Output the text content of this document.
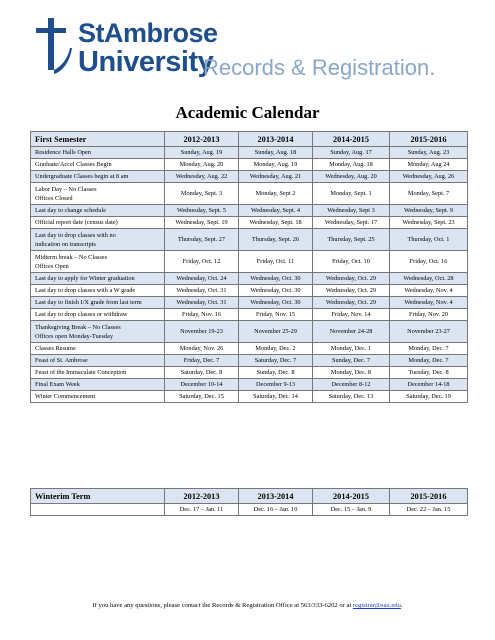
StAmbrose
University
Records & Registration.
Academic Calendar
First Semester	2012-2013	2013-2014	2014-2015	2015-2016
Residence Halls Open	Sunday, Aug. 19	Sunday, Aug. 18	Sunday, Aug. 17	Sunday, Aug. 23
Graduate/Accel Classes Begin	Monday, Aug. 20	Monday, Aug. 19	Monday, Aug. 18	Monday, Aug 24
Undergraduate Classes begin at 8 am	Wednesday, Aug. 22	Wednesday, Aug. 21	Wednesday, Aug. 20	Wednesday, Aug. 26
Labor Day – No Classes
Offices Closed	Monday, Sept. 3	Monday, Sept 2	Monday, Sept. 1	Monday, Sept. 7
Last day to change schedule	Wednesday, Sept. 5	Wednesday, Sept. 4	Wednesday, Sept 3	Wednesday, Sept. 9
Official report date (census date)	Wednesday, Sept. 19	Wednesday, Sept. 18	Wednesday, Sept. 17	Wednesday, Sept. 23
Last day to drop classes with no
indication on transcripts	Thursday, Sept. 27	Thursday, Sept. 26	Thursday, Sept. 25	Thursday, Oct. 1
Midterm break – No Classes
Offices Open	Friday, Oct. 12	Friday, Oct. 11	Friday, Oct. 10	Friday, Oct. 16
Last day to apply for Winter graduation	Wednesday, Oct. 24	Wednesday, Oct. 30	Wednesday, Oct. 29	Wednesday, Oct. 28
Last day to drop classes with a W grade	Wednesday, Oct. 31	Wednesday, Oct. 30	Wednesday, Oct. 29	Wednesday, Nov. 4
Last day to finish I/X grade from last term	Wednesday, Oct. 31	Wednesday, Oct. 30	Wednesday, Oct. 29	Wednesday, Nov. 4
Last day to drop classes or withdraw	Friday, Nov. 16	Friday, Nov. 15	Friday, Nov. 14	Friday, Nov. 20
Thanksgiving Break – No Classes
Offices open Monday-Tuesday	November 19-23	November 25-29	November 24-28	November 23-27
Classes Resume	Monday, Nov. 26	Monday, Dec. 2	Monday, Dec. 1	Monday, Dec. 7
Feast of St. Ambrose	Friday, Dec. 7	Saturday, Dec. 7	Sunday, Dec. 7	Monday, Dec. 7
Feast of the Immaculate Conception	Saturday, Dec. 8	Sunday, Dec. 8	Monday, Dec. 8	Tuesday, Dec. 8
Final Exam Week	December 10-14	December 9-13	December 8-12	December 14-18
Winter Commencement	Saturday, Dec. 15	Saturday, Dec. 14	Saturday, Dec. 13	Saturday, Dec. 19
Winterim Term	2012-2013	2013-2014	2014-2015	2015-2016
	Dec. 17 – Jan. 11	Dec. 16 – Jan. 10	Dec. 15 – Jan. 9	Dec. 22 – Jan. 15
If you have any questions, please contact the Records & Registration Office at 563/333-6202 or at registrar@sau.edu.
